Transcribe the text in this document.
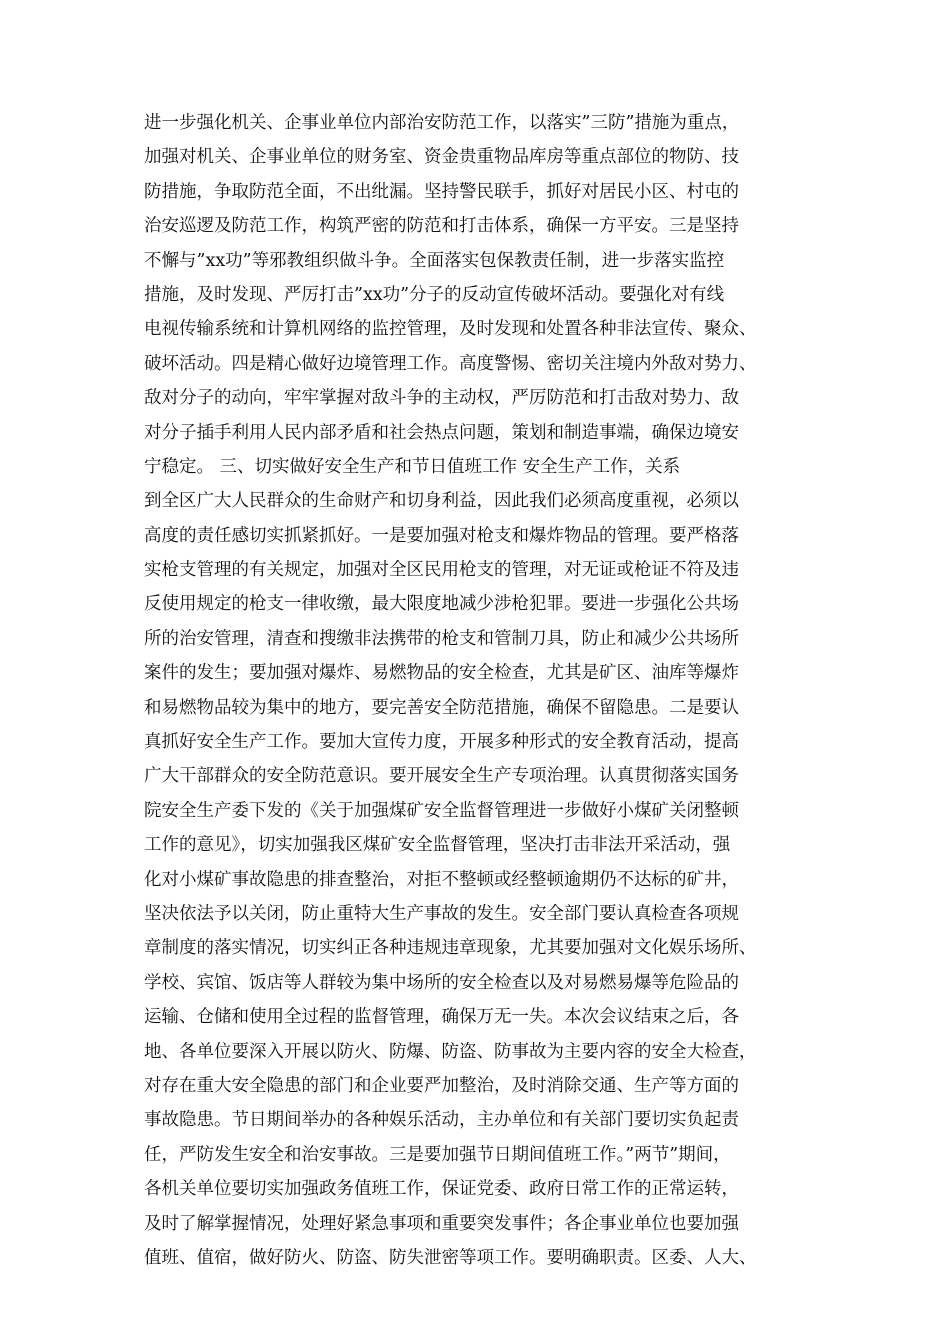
进一步强化机关、企事业单位内部治安防范工作，以落实”三防”措施为重点，
加强对机关、企事业单位的财务室、资金贵重物品库房等重点部位的物防、技
防措施，争取防范全面，不出纰漏。坚持警民联手，抓好对居民小区、村屯的
治安巡逻及防范工作，构筑严密的防范和打击体系，确保一方平安。三是坚持
不懈与”xx功”等邪教组织做斗争。全面落实包保教责任制，进一步落实监控
措施，及时发现、严厉打击”xx功”分子的反动宣传破坏活动。要强化对有线
电视传输系统和计算机网络的监控管理，及时发现和处置各种非法宣传、聚众、
破坏活动。四是精心做好边境管理工作。高度警惕、密切关注境内外敌对势力、
敌对分子的动向，牢牢掌握对敌斗争的主动权，严厉防范和打击敌对势力、敌
对分子插手利用人民内部矛盾和社会热点问题，策划和制造事端，确保边境安
宁稳定。 三、切实做好安全生产和节日值班工作 安全生产工作，关系
到全区广大人民群众的生命财产和切身利益，因此我们必须高度重视，必须以
高度的责任感切实抓紧抓好。一是要加强对枪支和爆炸物品的管理。要严格落
实枪支管理的有关规定，加强对全区民用枪支的管理，对无证或枪证不符及违
反使用规定的枪支一律收缴，最大限度地减少涉枪犯罪。要进一步强化公共场
所的治安管理，清查和搜缴非法携带的枪支和管制刀具，防止和减少公共场所
案件的发生；要加强对爆炸、易燃物品的安全检查，尤其是矿区、油库等爆炸
和易燃物品较为集中的地方，要完善安全防范措施，确保不留隐患。二是要认
真抓好安全生产工作。要加大宣传力度，开展多种形式的安全教育活动，提高
广大干部群众的安全防范意识。要开展安全生产专项治理。认真贯彻落实国务
院安全生产委下发的《关于加强煤矿安全监督管理进一步做好小煤矿关闭整顿
工作的意见》，切实加强我区煤矿安全监督管理，坚决打击非法开采活动，强
化对小煤矿事故隐患的排查整治，对拒不整顿或经整顿逾期仍不达标的矿井，
坚决依法予以关闭，防止重特大生产事故的发生。安全部门要认真检查各项规
章制度的落实情况，切实纠正各种违规违章现象，尤其要加强对文化娱乐场所、
学校、宾馆、饭店等人群较为集中场所的安全检查以及对易燃易爆等危险品的
运输、仓储和使用全过程的监督管理，确保万无一失。本次会议结束之后，各
地、各单位要深入开展以防火、防爆、防盗、防事故为主要内容的安全大检查，
对存在重大安全隐患的部门和企业要严加整治，及时消除交通、生产等方面的
事故隐患。节日期间举办的各种娱乐活动，主办单位和有关部门要切实负起责
任，严防发生安全和治安事故。三是要加强节日期间值班工作。”两节”期间，
各机关单位要切实加强政务值班工作，保证党委、政府日常工作的正常运转，
及时了解掌握情况，处理好紧急事项和重要突发事件；各企事业单位也要加强
值班、值宿，做好防火、防盗、防失泄密等项工作。要明确职责。区委、人大、
